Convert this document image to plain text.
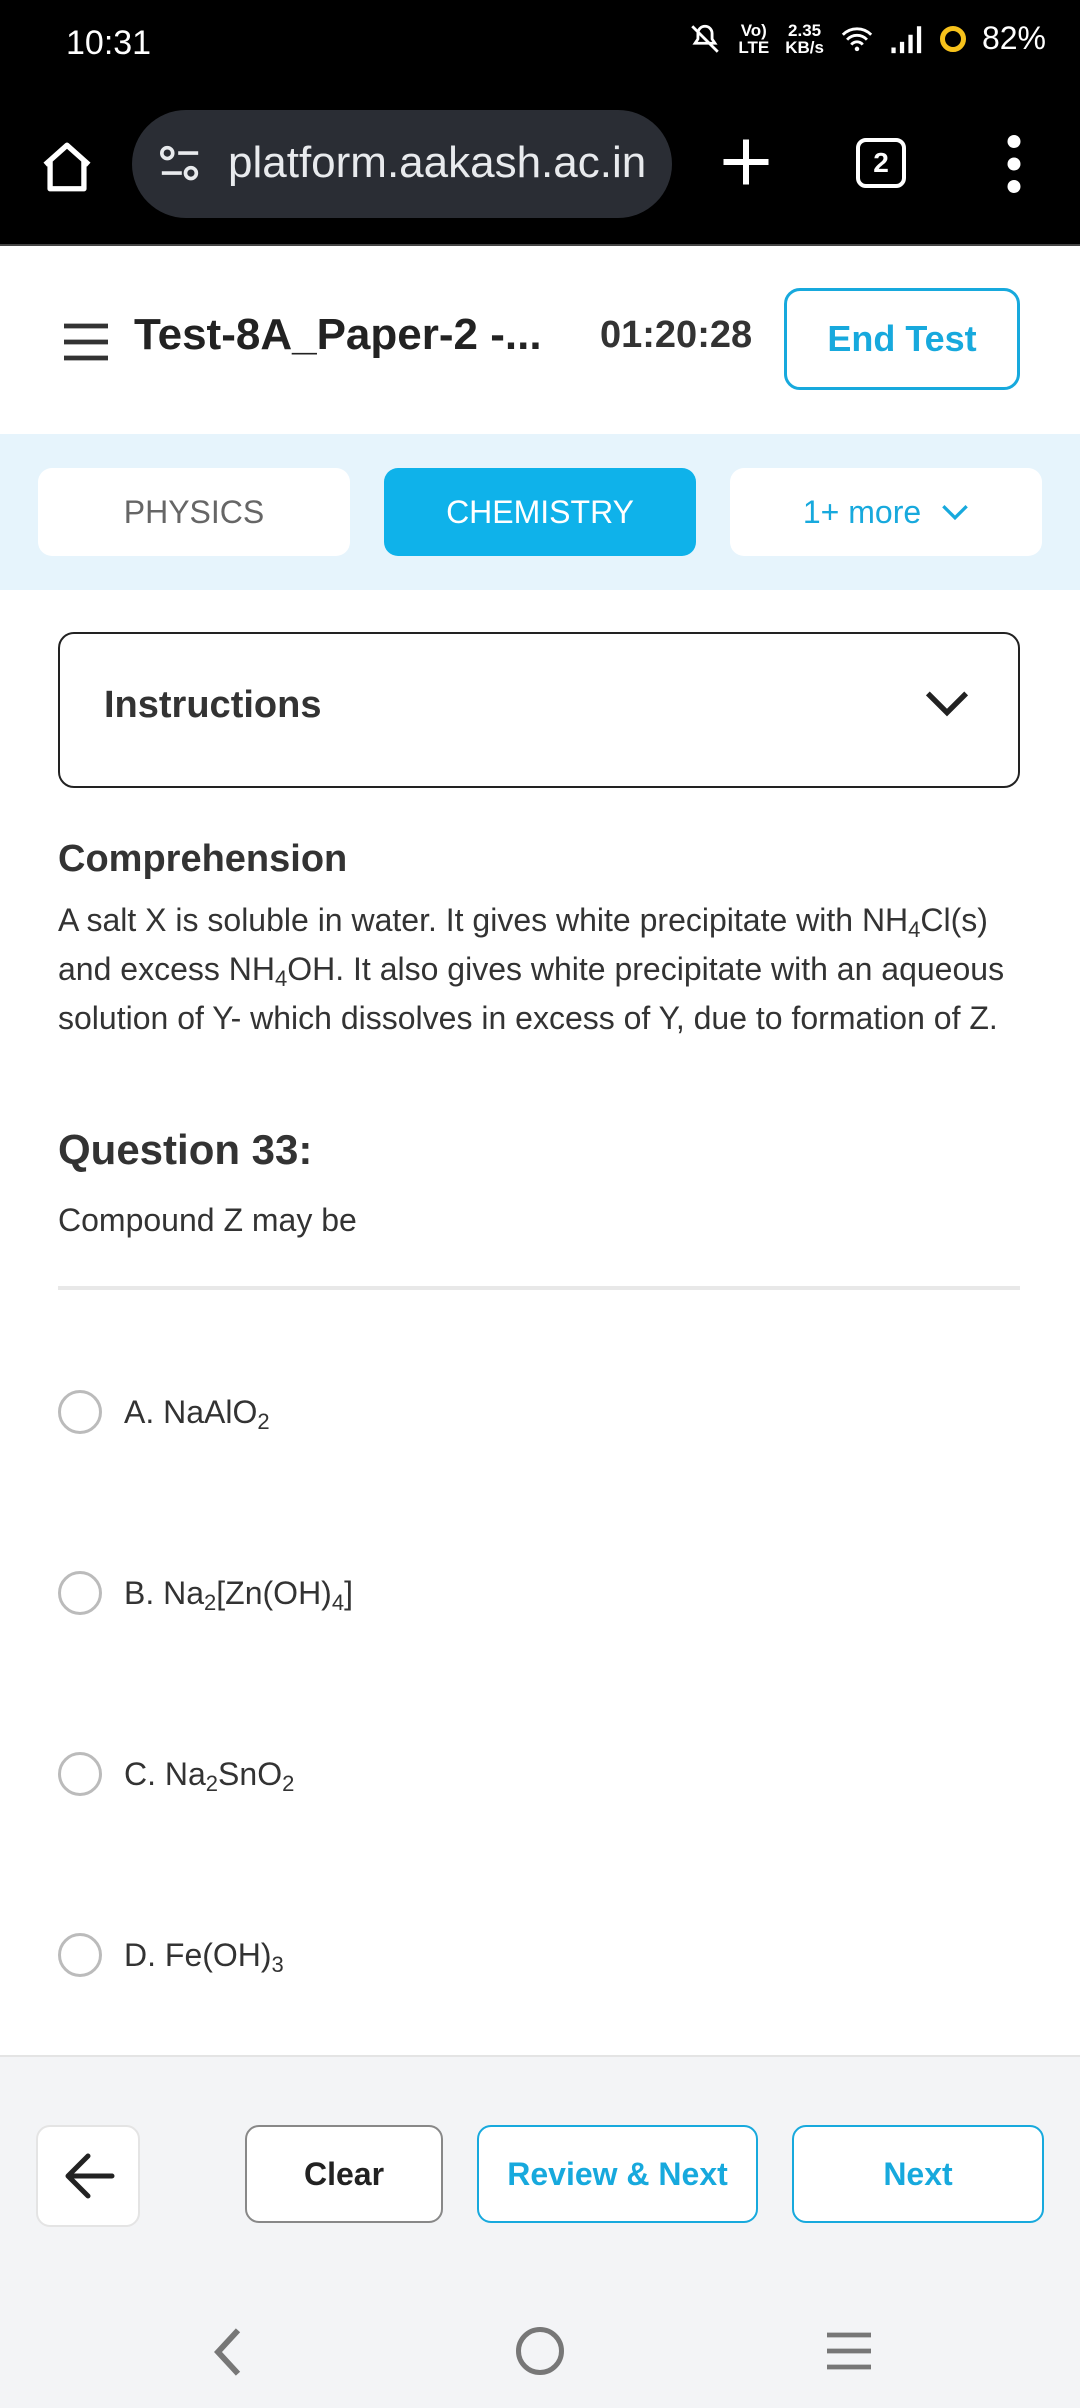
10:31	Vo)
LTE
2.35
KB/s	82%
platform.aakash.ac.in	2
Test-8A_Paper-2 -... 01:20:28	End Test
PHYSICS	CHEMISTRY	1+ more
Instructions
Comprehension
A salt X is soluble in water. It gives white precipitate with $NH_4Cl(s)$ and excess $NH_4OH$. It also gives white precipitate with an aqueous solution of Y- which dissolves in excess of Y, due to formation of Z.
Question 33:
Compound Z may be
A. NaAlO$_2$
B. $Na_2[Zn(OH)_4]$
C. $Na_2SnO_2$
D. $Fe(OH)_3$
Clear	Review & Next	Next
